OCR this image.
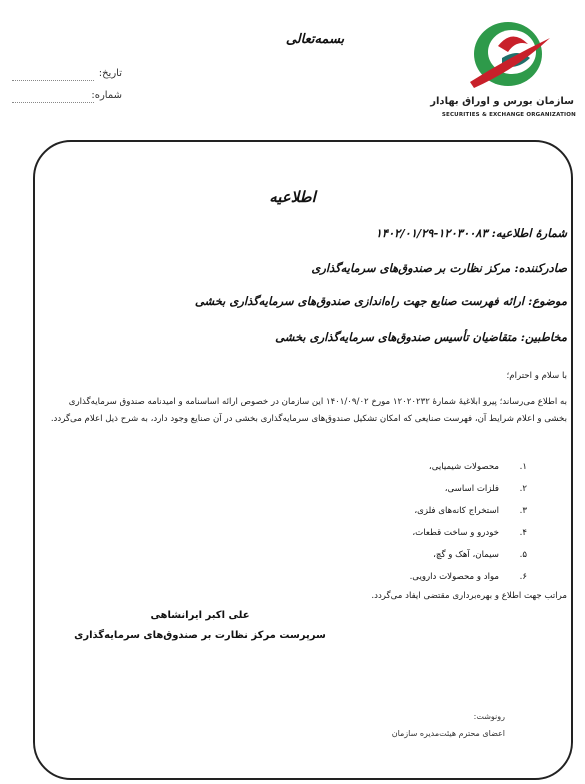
سازمان بورس و اوراق بهادار
SECURITIES & EXCHANGE ORGANIZATION
بسمه‌تعالی
تاریخ:
شماره:
اطلاعیه
شمارۀ اطلاعیه: ۱۲۰۳۰۰۸۳-۱۴۰۲/۰۱/۲۹
صادرکننده: مرکز نظارت بر صندوق‌های سرمایه‌گذاری
موضوع: ارائه فهرست صنایع جهت راه‌اندازی صندوق‌های سرمایه‌گذاری بخشی
مخاطبین: متقاضیان تأسیس صندوق‌های سرمایه‌گذاری بخشی
با سلام و احترام؛
به اطلاع می‌رساند؛ پیرو ابلاغیۀ شمارۀ ۱۲۰۲۰۲۳۲ مورخ ۱۴۰۱/۰۹/۰۲ این سازمان در خصوص ارائه اساسنامه و امیدنامه صندوق سرمایه‌گذاری بخشی و اعلام شرایط آن، فهرست صنایعی که امکان تشکیل صندوق‌های سرمایه‌گذاری بخشی در آن صنایع وجود دارد، به شرح ذیل اعلام می‌گردد.
۱.محصولات شیمیایی،
۲.فلزات اساسی،
۳.استخراج کانه‌های فلزی،
۴.خودرو و ساخت قطعات،
۵.سیمان، آهک و گچ،
۶.مواد و محصولات دارویی.
مراتب جهت اطلاع و بهره‌برداری مقتضی ایفاد می‌گردد.
علی اکبر ایرانشاهی
سرپرست مرکز نظارت بر صندوق‌های سرمایه‌گذاری
رونوشت:
اعضای محترم هیئت‌مدیره سازمان
